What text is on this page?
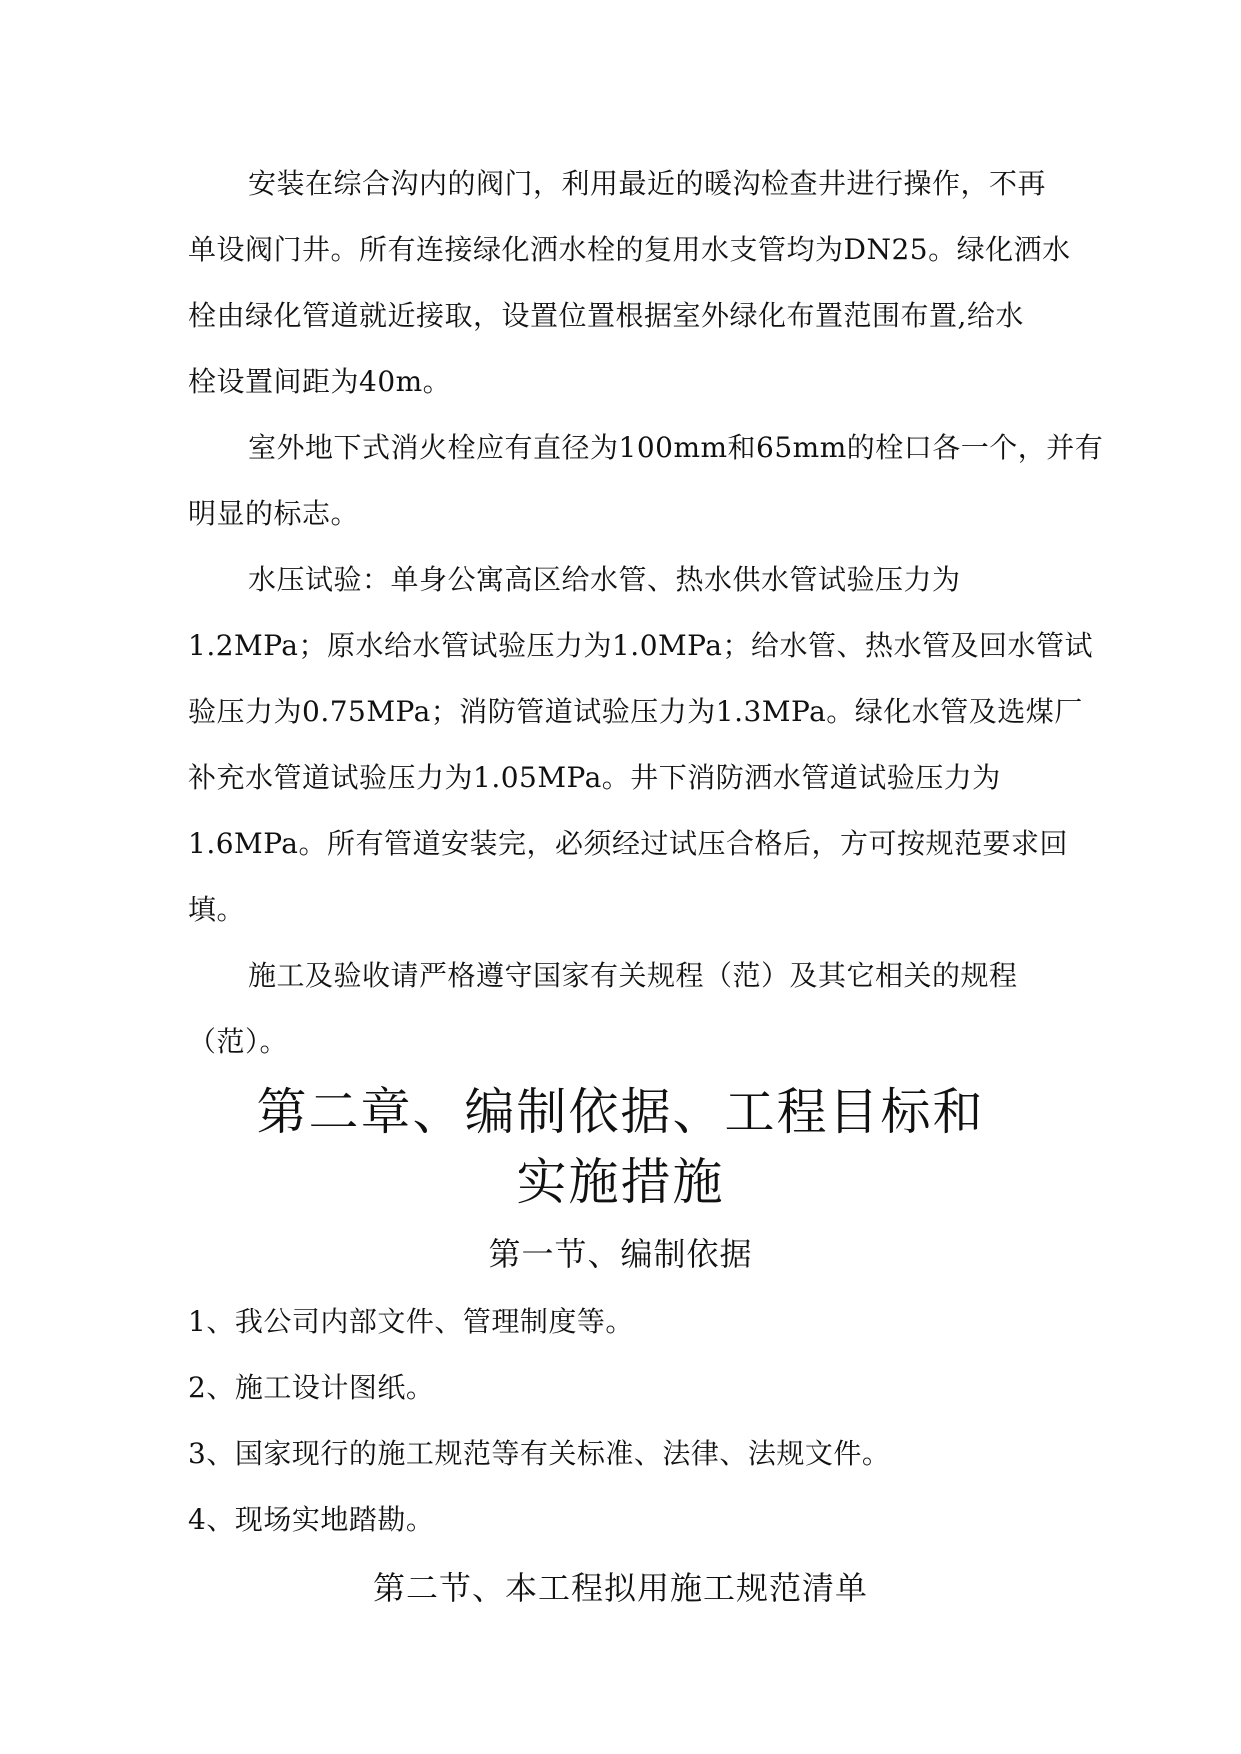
安装在综合沟内的阀门，利用最近的暖沟检查井进行操作，不再
单设阀门井。所有连接绿化洒水栓的复用水支管均为DN25。绿化洒水
栓由绿化管道就近接取，设置位置根据室外绿化布置范围布置,给水
栓设置间距为40m。
室外地下式消火栓应有直径为100mm和65mm的栓口各一个，并有
明显的标志。
水压试验：单身公寓高区给水管、热水供水管试验压力为
1.2MPa；原水给水管试验压力为1.0MPa；给水管、热水管及回水管试
验压力为0.75MPa；消防管道试验压力为1.3MPa。绿化水管及选煤厂
补充水管道试验压力为1.05MPa。井下消防洒水管道试验压力为
1.6MPa。所有管道安装完，必须经过试压合格后，方可按规范要求回
填。
施工及验收请严格遵守国家有关规程（范）及其它相关的规程
（范）。
第二章、编制依据、工程目标和
实施措施
第一节、编制依据
1、我公司内部文件、管理制度等。
2、施工设计图纸。
3、国家现行的施工规范等有关标准、法律、法规文件。
4、现场实地踏勘。
第二节、本工程拟用施工规范清单
